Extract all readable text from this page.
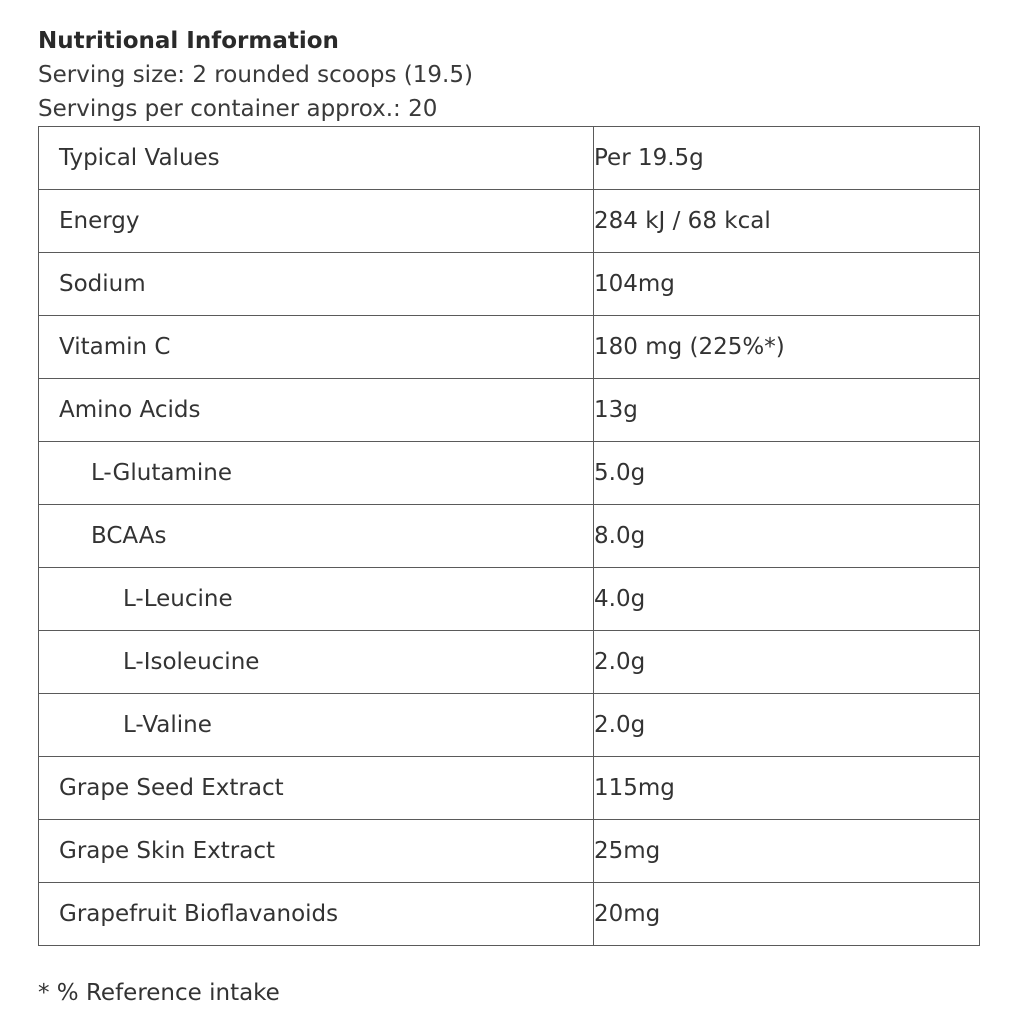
Nutritional Information
Serving size: 2 rounded scoops (19.5)
Servings per container approx.: 20
Typical Values	Per 19.5g
Energy	284 kJ / 68 kcal
Sodium	104mg
Vitamin C	180 mg (225%*)
Amino Acids	13g
L-Glutamine	5.0g
BCAAs	8.0g
L-Leucine	4.0g
L-Isoleucine	2.0g
L-Valine	2.0g
Grape Seed Extract	115mg
Grape Skin Extract	25mg
Grapefruit Bioflavanoids	20mg
* % Reference intake
